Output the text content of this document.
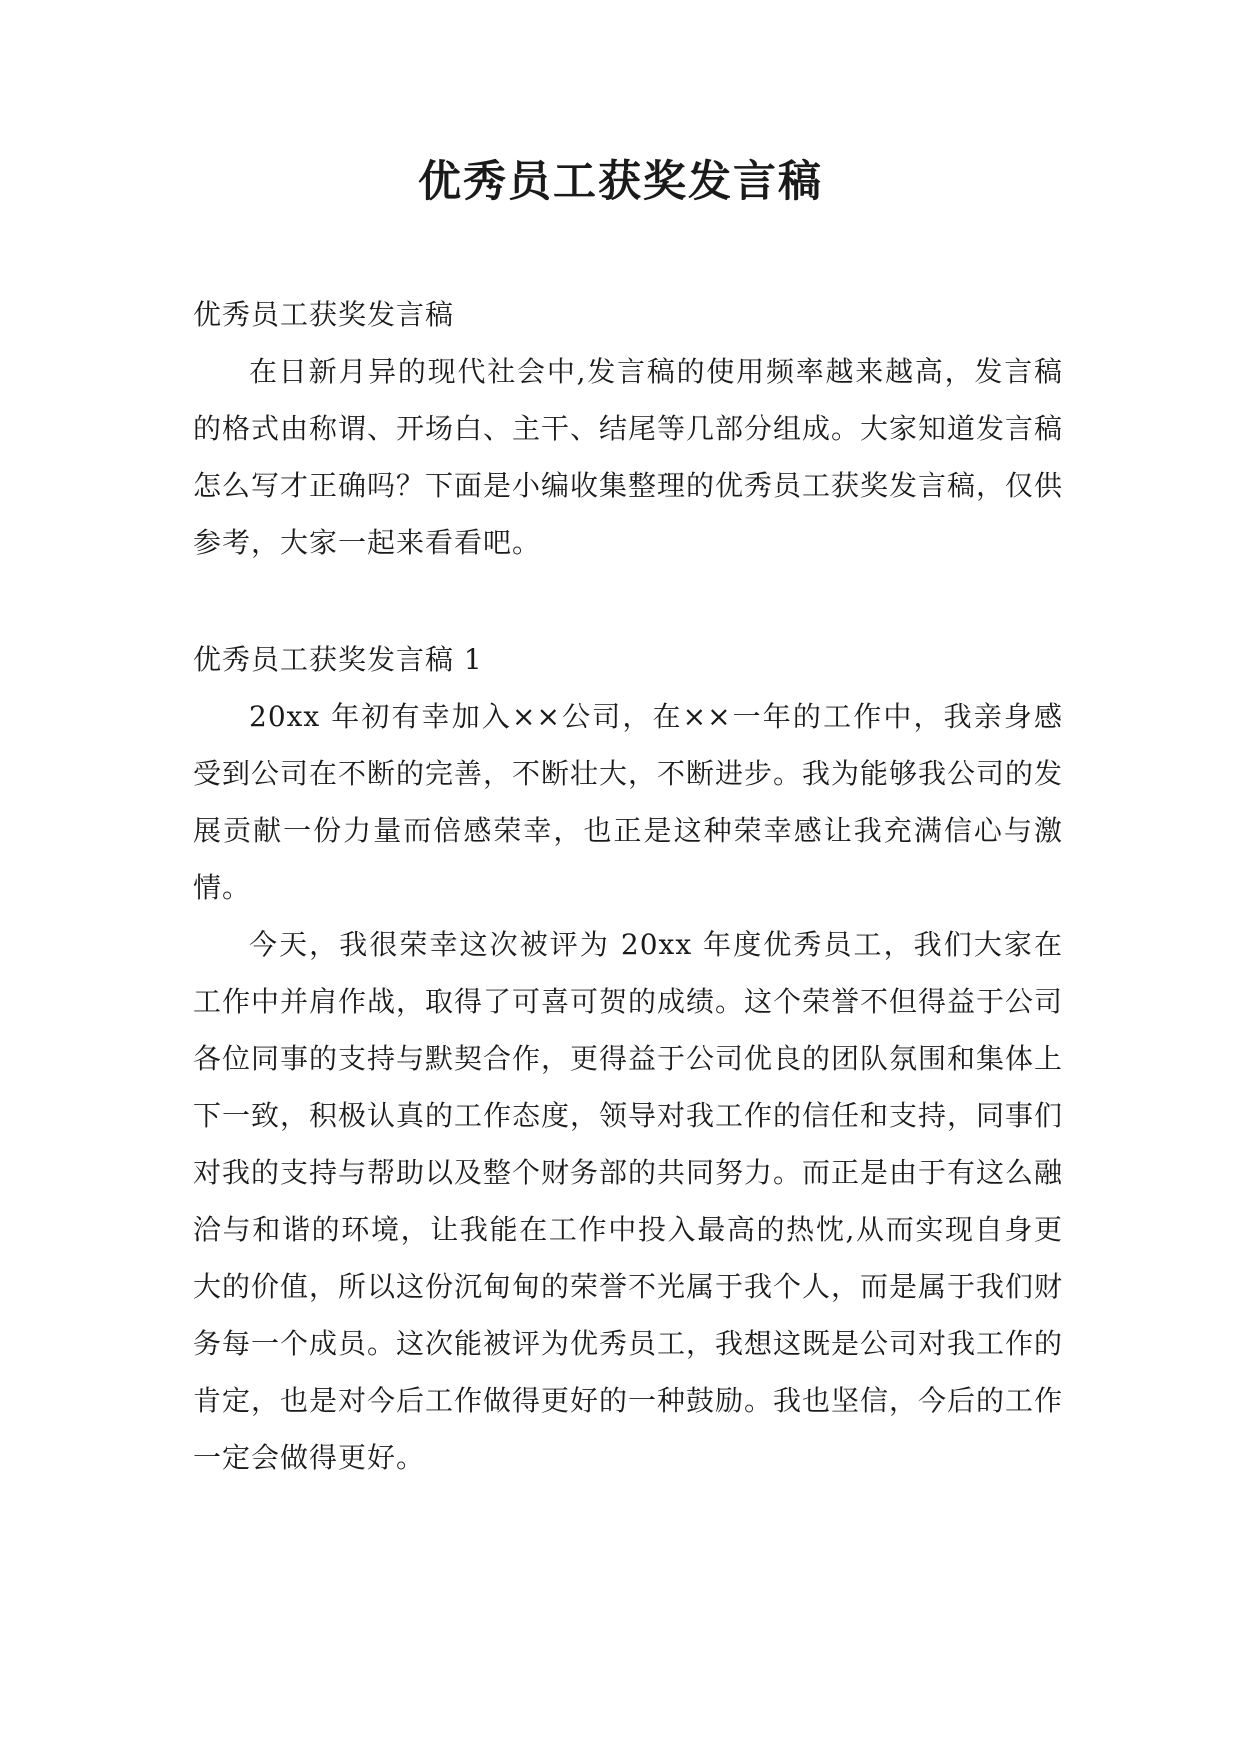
优秀员工获奖发言稿

优秀员工获奖发言稿

在日新月异的现代社会中,发言稿的使用频率越来越高，发言稿的格式由称谓、开场白、主干、结尾等几部分组成。大家知道发言稿怎么写才正确吗？下面是小编收集整理的优秀员工获奖发言稿，仅供参考，大家一起来看看吧。

优秀员工获奖发言稿 1

20xx 年初有幸加入××公司，在××一年的工作中，我亲身感受到公司在不断的完善，不断壮大，不断进步。我为能够我公司的发展贡献一份力量而倍感荣幸，也正是这种荣幸感让我充满信心与激情。

今天，我很荣幸这次被评为 20xx 年度优秀员工，我们大家在工作中并肩作战，取得了可喜可贺的成绩。这个荣誉不但得益于公司各位同事的支持与默契合作，更得益于公司优良的团队氛围和集体上下一致，积极认真的工作态度，领导对我工作的信任和支持，同事们对我的支持与帮助以及整个财务部的共同努力。而正是由于有这么融洽与和谐的环境，让我能在工作中投入最高的热忱,从而实现自身更大的价值，所以这份沉甸甸的荣誉不光属于我个人，而是属于我们财务每一个成员。这次能被评为优秀员工，我想这既是公司对我工作的肯定，也是对今后工作做得更好的一种鼓励。我也坚信，今后的工作一定会做得更好。
